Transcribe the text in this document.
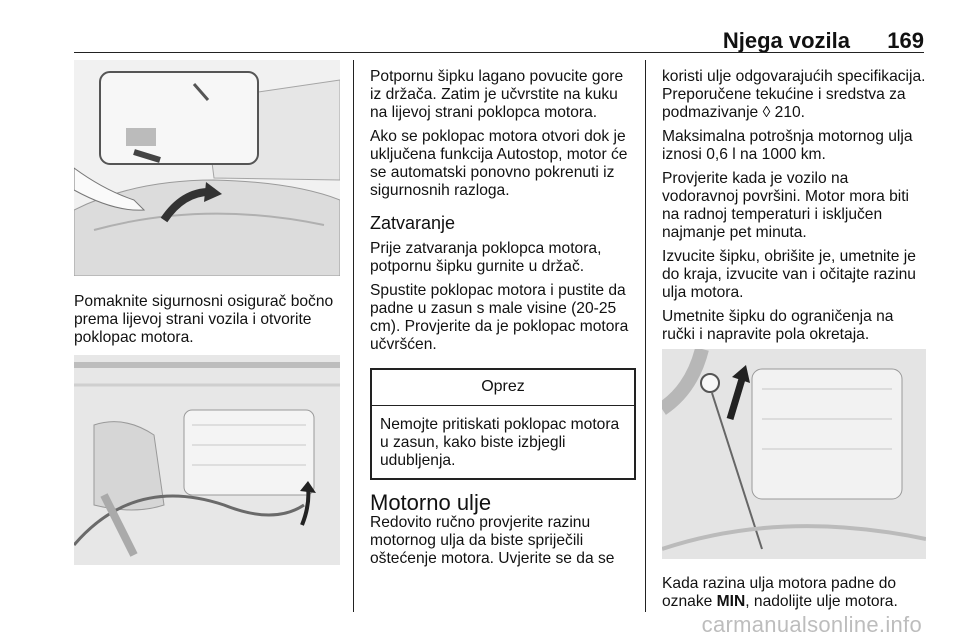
Njega vozila 169

Pomaknite sigurnosni osigurač bočno prema lijevoj strani vozila i otvorite poklopac motora.

Potpornu šipku lagano povucite gore iz držača. Zatim je učvrstite na kuku na lijevoj strani poklopca motora.

Ako se poklopac motora otvori dok je uključena funkcija Autostop, motor će se automatski ponovno pokrenuti iz sigurnosnih razloga.

Zatvaranje

Prije zatvaranja poklopca motora, potpornu šipku gurnite u držač.

Spustite poklopac motora i pustite da padne u zasun s male visine (20-25 cm). Provjerite da je poklopac motora učvršćen.

Oprez
Nemojte pritiskati poklopac motora u zasun, kako biste izbjegli udubljenja.
Motorno ulje

Redovito ručno provjerite razinu motornog ulja da biste spriječili oštećenje motora. Uvjerite se da se

koristi ulje odgovarajućih specifikacija. Preporučene tekućine i sredstva za podmazivanje ◊ 210.

Maksimalna potrošnja motornog ulja iznosi 0,6 l na 1000 km.

Provjerite kada je vozilo na vodoravnoj površini. Motor mora biti na radnoj temperaturi i isključen najmanje pet minuta.

Izvucite šipku, obrišite je, umetnite je do kraja, izvucite van i očitajte razinu ulja motora.

Umetnite šipku do ograničenja na ručki i napravite pola okretaja.

Kada razina ulja motora padne do oznake MIN, nadolijte ulje motora.

carmanualsonline.info
